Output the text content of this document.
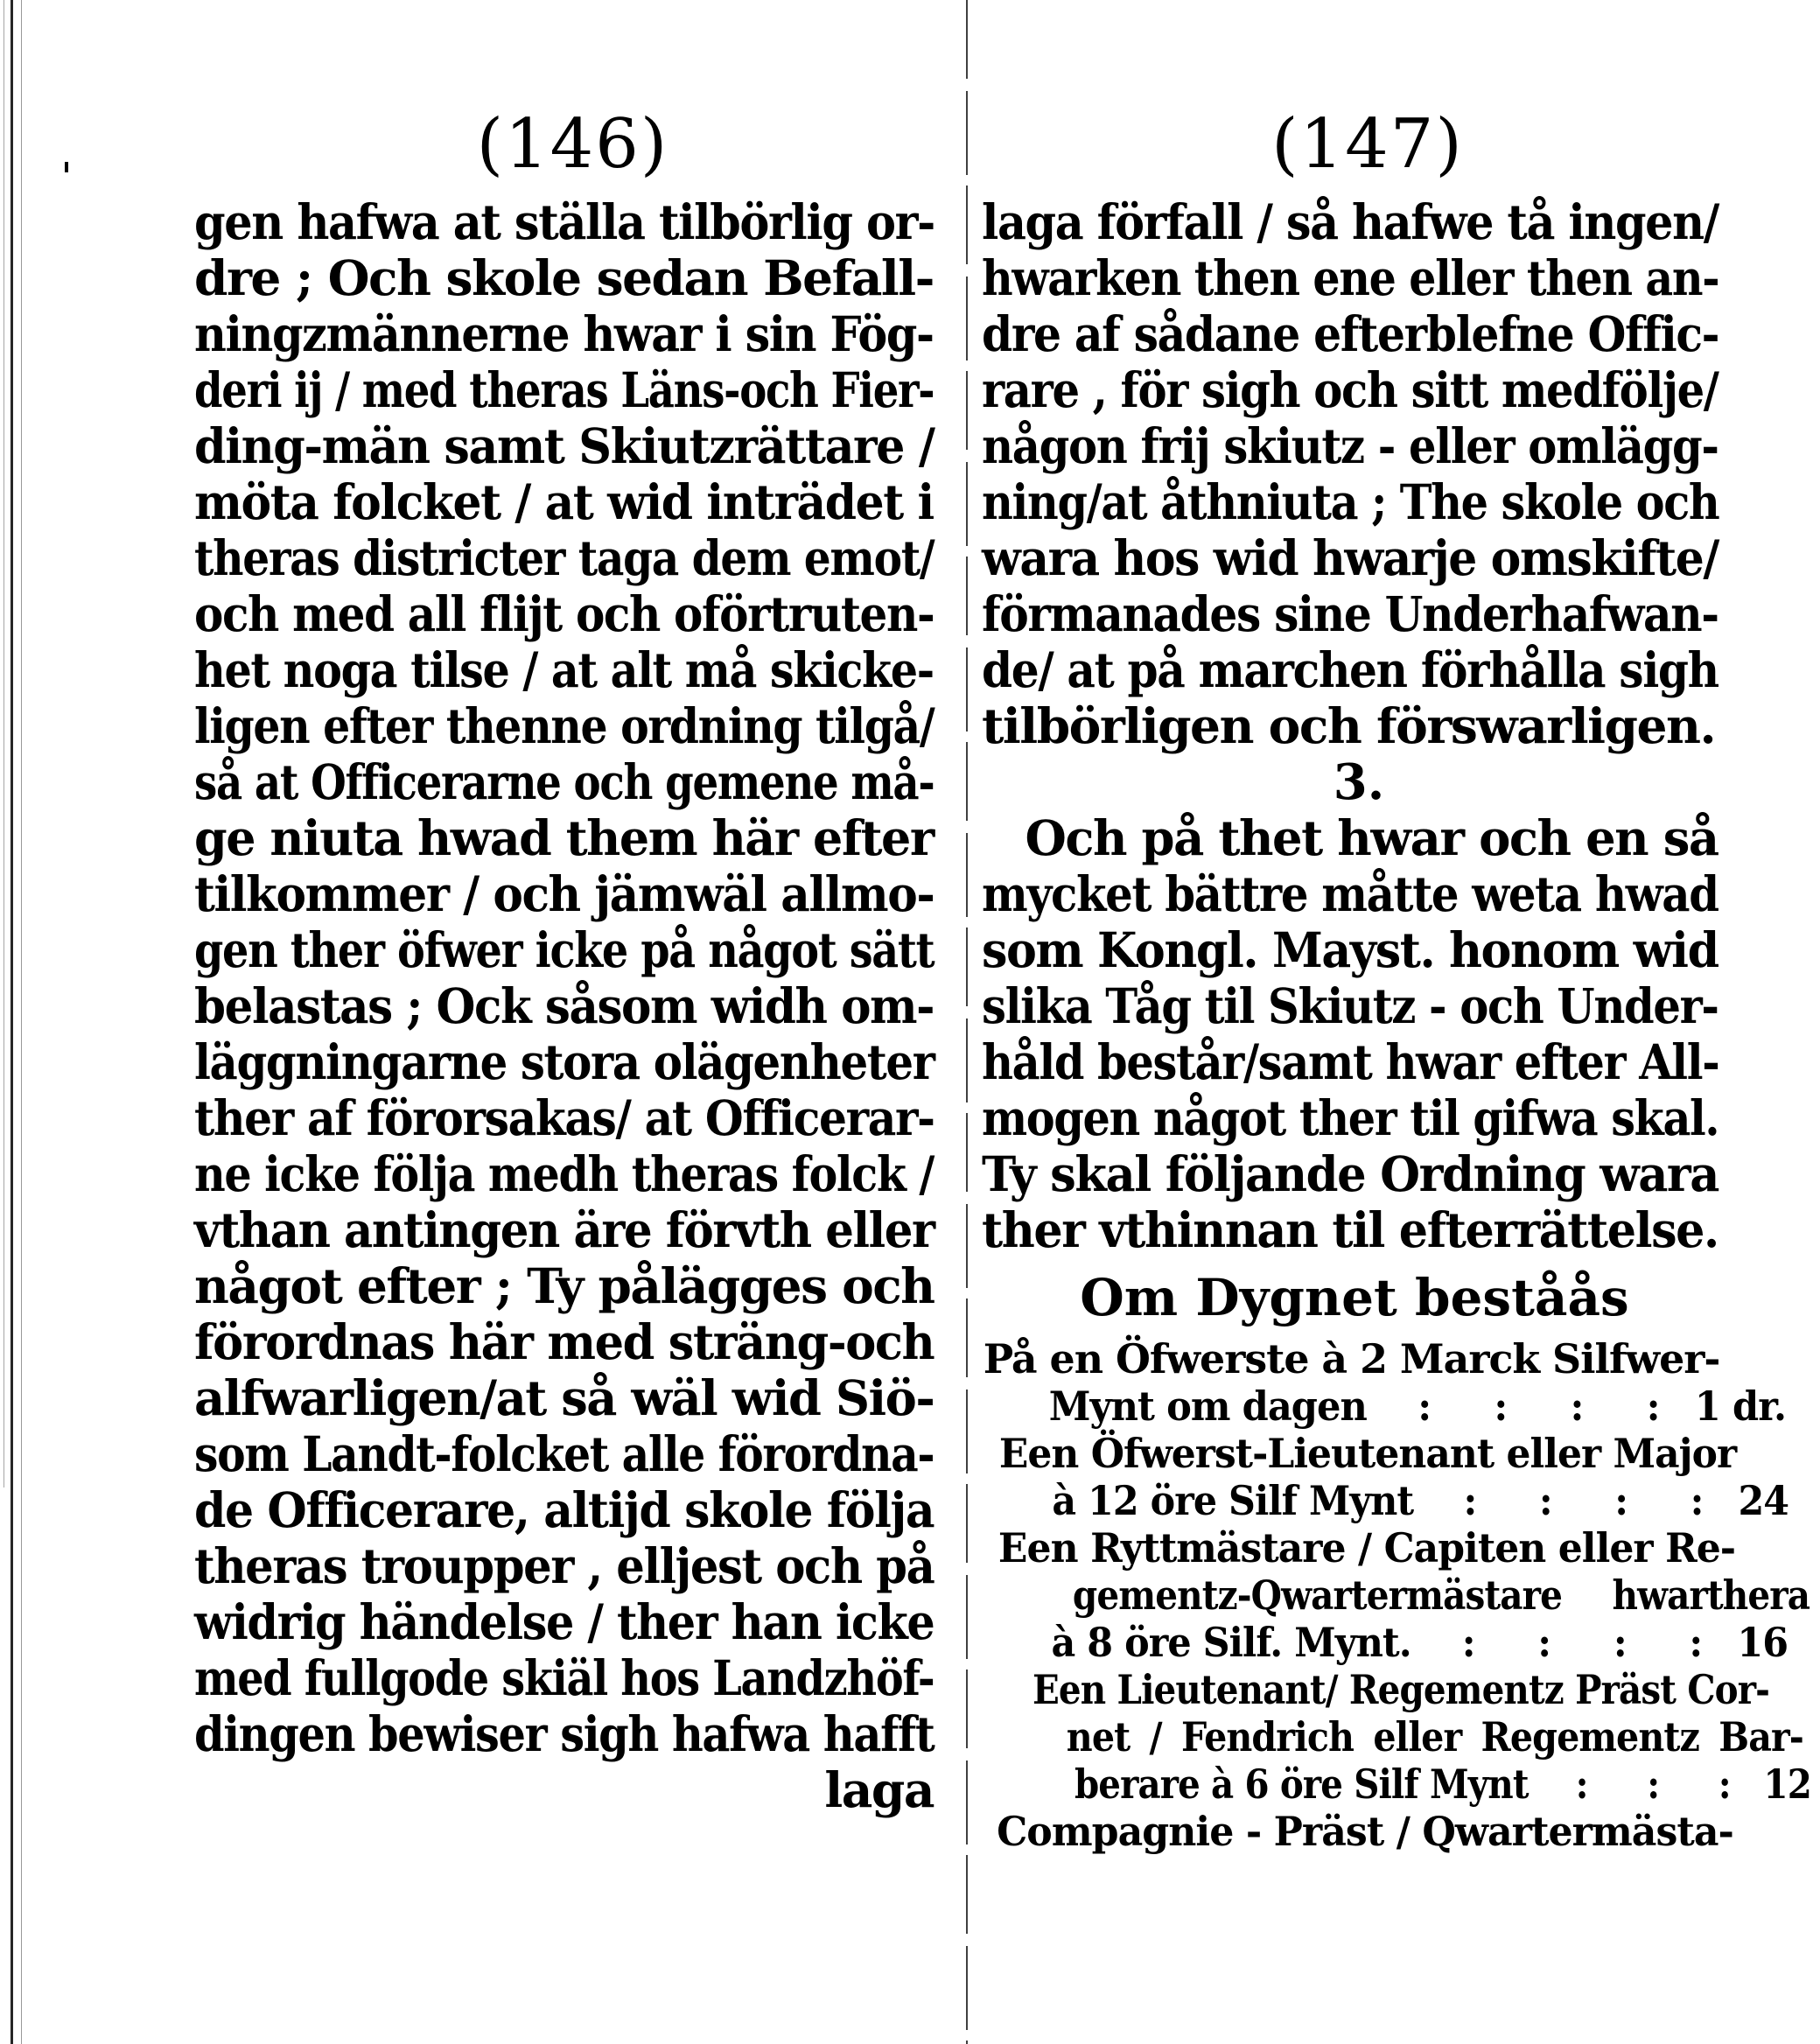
(146)
gen hafwa at ställa tilbörlig or-
dre ; Och skole sedan Befall-
ningzmännerne hwar i sin Fög-
deri ij / med theras Läns-och Fier-
ding-män samt Skiutzrättare /
möta folcket / at wid inträdet i
theras districter taga dem emot/
och med all flijt och oförtruten-
het noga tilse / at alt må skicke-
ligen efter thenne ordning tilgå/
så at Officerarne och gemene må-
ge niuta hwad them här efter
tilkommer / och jämwäl allmo-
gen ther öfwer icke på något sätt
belastas ; Ock såsom widh om-
läggningarne stora olägenheter
ther af förorsakas/ at Officerar-
ne icke följa medh theras folck /
vthan antingen äre förvth eller
något efter ; Ty pålägges och
förordnas här med sträng-och
alfwarligen/at så wäl wid Siö-
som Landt-folcket alle förordna-
de Officerare, altijd skole följa
theras troupper , elljest och på
widrig händelse / ther han icke
med fullgode skiäl hos Landzhöf-
dingen bewiser sigh hafwa hafft
laga
(147)
laga förfall / så hafwe tå ingen/
hwarken then ene eller then an-
dre af sådane efterblefne Offic-
rare , för sigh och sitt medfölje/
någon frij skiutz - eller omlägg-
ning/at åthniuta ; The skole och
wara hos wid hwarje omskifte/
förmanades sine Underhafwan-
de/ at på marchen förhålla sigh
tilbörligen och förswarligen.
3.
Och på thet hwar och en så
mycket bättre måtte weta hwad
som Kongl. Mayst. honom wid
slika Tåg til Skiutz - och Under-
håld består/samt hwar efter All-
mogen något ther til gifwa skal.
Ty skal följande Ordning wara
ther vthinnan til efterrättelse.
Om Dygnet beståås
På en Öfwerste à 2 Marck Silfwer-
Mynt om dagen	: : : : 1 dr.
Een Öfwerst-Lieutenant eller Major
à 12 öre Silf Mynt	: : : : 24
Een Ryttmästare / Capiten eller Re-
gementz-Qwartermästare hwarthera
à 8 öre Silf. Mynt.	: : : : 16
Een Lieutenant/ Regementz Präst Cor-
net / Fendrich eller Regementz Bar-
berare à 6 öre Silf Mynt	: : : 12
Compagnie - Präst / Qwartermästa-
